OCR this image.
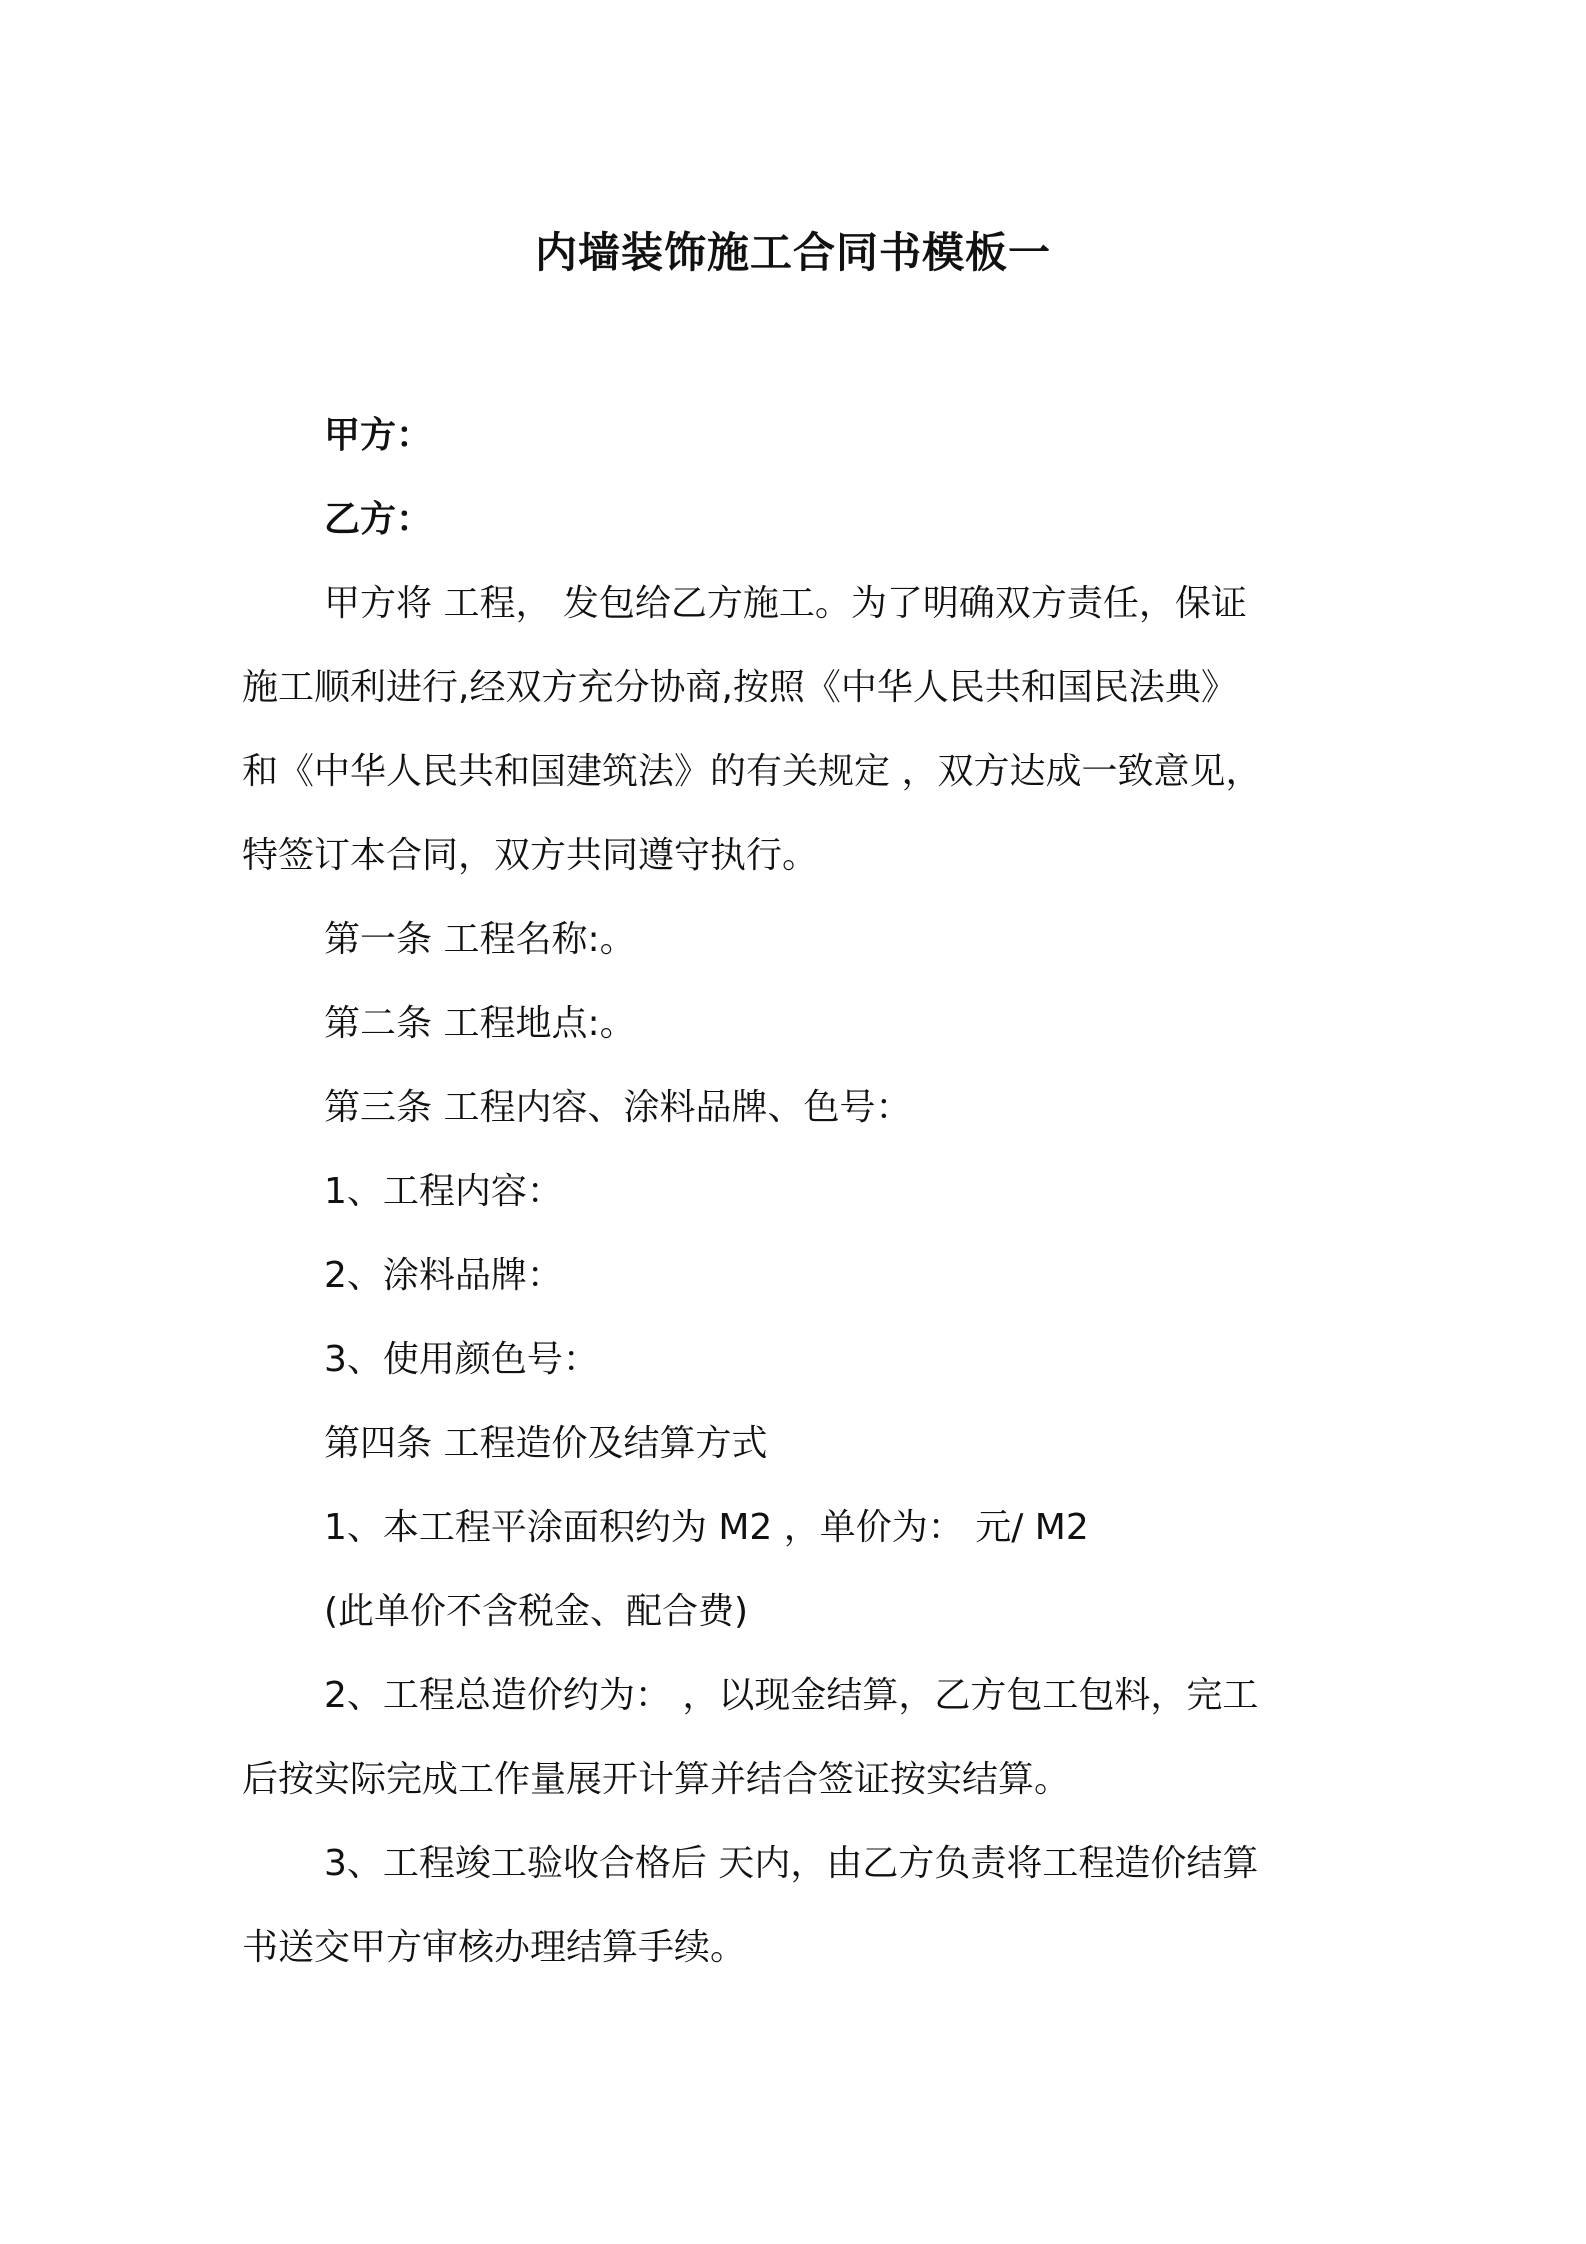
内墙装饰施工合同书模板一
甲方：
乙方：
甲方将 工程， 发包给乙方施工。为了明确双方责任，保证
施工顺利进行,经双方充分协商,按照《中华人民共和国民法典》
和《中华人民共和国建筑法》的有关规定 ，双方达成一致意见，
特签订本合同，双方共同遵守执行。
第一条 工程名称:。
第二条 工程地点:。
第三条 工程内容、涂料品牌、色号：
1、工程内容：
2、涂料品牌：
3、使用颜色号：
第四条 工程造价及结算方式
1、本工程平涂面积约为 M2 ，单价为： 元/ M2
(此单价不含税金、配合费)
2、工程总造价约为： ，以现金结算，乙方包工包料，完工
后按实际完成工作量展开计算并结合签证按实结算。
3、工程竣工验收合格后 天内，由乙方负责将工程造价结算
书送交甲方审核办理结算手续。
